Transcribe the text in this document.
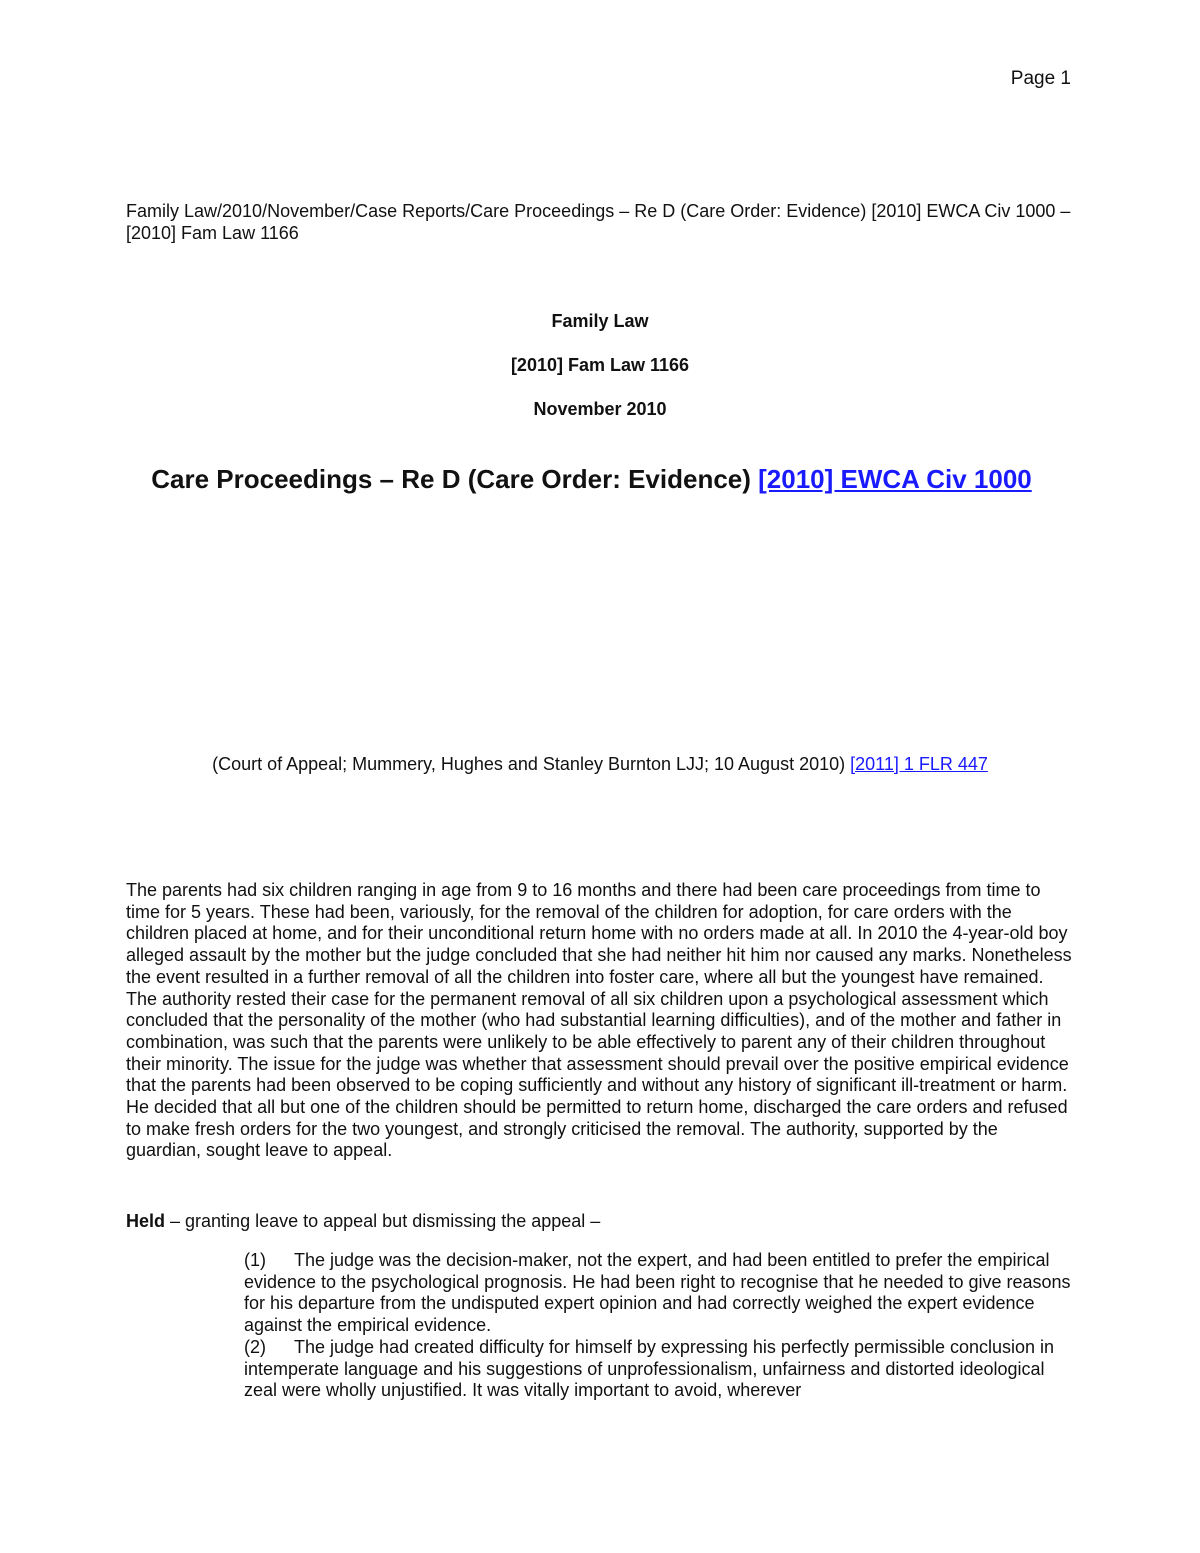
Page 1
Family Law/2010/November/Case Reports/Care Proceedings – Re D (Care Order: Evidence) [2010] EWCA Civ 1000 – [2010] Fam Law 1166
Family Law
[2010] Fam Law 1166
November 2010
Care Proceedings – Re D (Care Order: Evidence) [2010] EWCA Civ 1000
(Court of Appeal; Mummery, Hughes and Stanley Burnton LJJ; 10 August 2010) [2011] 1 FLR 447

The parents had six children ranging in age from 9 to 16 months and there had been care proceedings from time to time for 5 years. These had been, variously, for the removal of the children for adoption, for care orders with the children placed at home, and for their unconditional return home with no orders made at all. In 2010 the 4-year-old boy alleged assault by the mother but the judge concluded that she had neither hit him nor caused any marks. Nonetheless the event resulted in a further removal of all the children into foster care, where all but the youngest have remained. The authority rested their case for the permanent removal of all six children upon a psychological assessment which concluded that the personality of the mother (who had substantial learning difficulties), and of the mother and father in combination, was such that the parents were unlikely to be able effectively to parent any of their children throughout their minority. The issue for the judge was whether that assessment should prevail over the positive empirical evidence that the parents had been observed to be coping sufficiently and without any history of significant ill-treatment or harm. He decided that all but one of the children should be permitted to return home, discharged the care orders and refused to make fresh orders for the two youngest, and strongly criticised the removal. The authority, supported by the guardian, sought leave to appeal.

Held – granting leave to appeal but dismissing the appeal –

(1) The judge was the decision-maker, not the expert, and had been entitled to prefer the empirical evidence to the psychological prognosis. He had been right to recognise that he needed to give reasons for his departure from the undisputed expert opinion and had correctly weighed the expert evidence against the empirical evidence.

(2) The judge had created difficulty for himself by expressing his perfectly permissible conclusion in intemperate language and his suggestions of unprofessionalism, unfairness and distorted ideological zeal were wholly unjustified. It was vitally important to avoid, wherever
